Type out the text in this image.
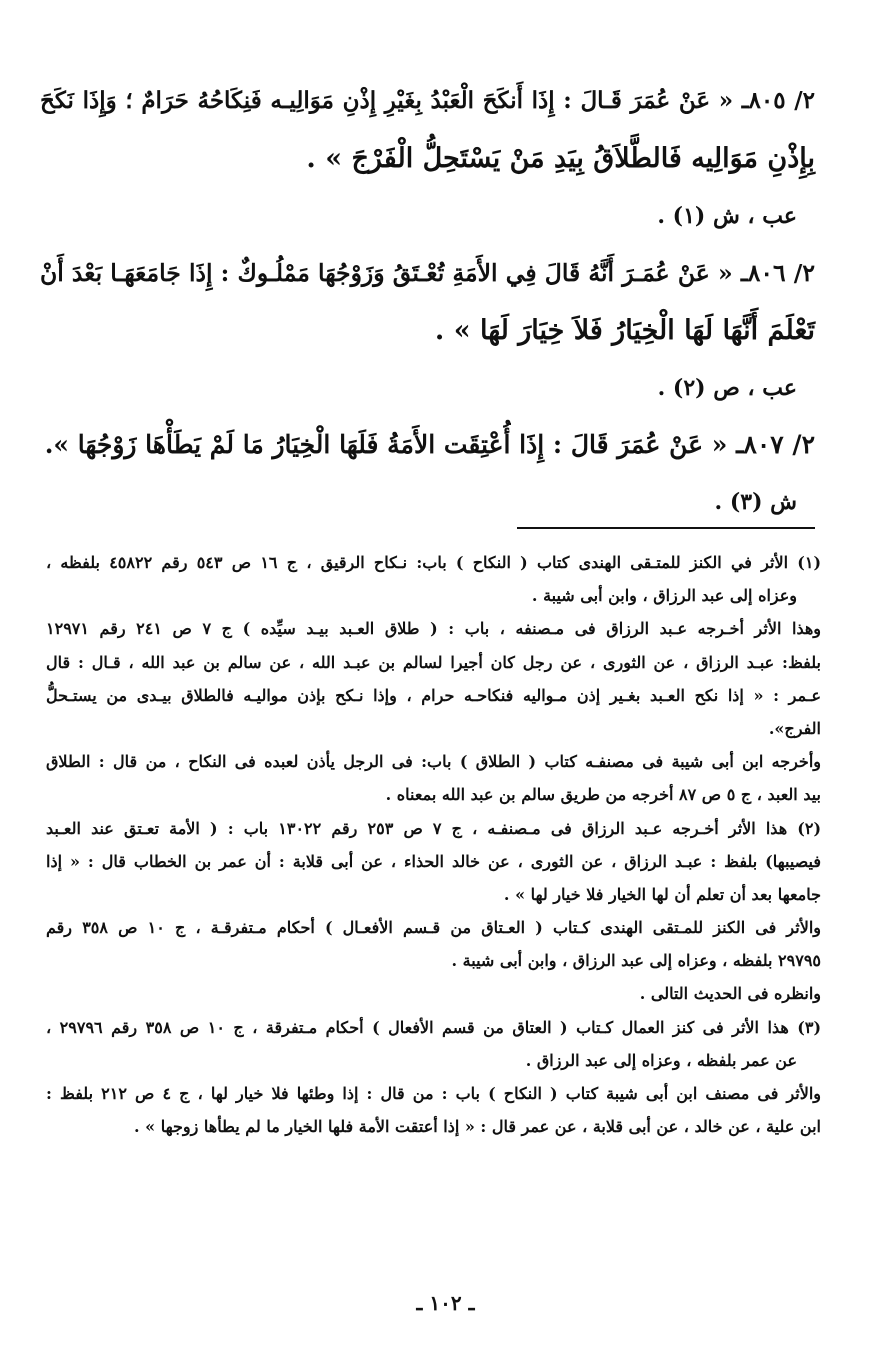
٢/ ٨٠٥ـ « عَنْ عُمَرَ قَـالَ : إِذَا أَنكَحَ الْعَبْدُ بِغَيْرِ إِذْنِ مَوَالِيـه فَنِكَاحُهُ حَرَامٌ ؛ وَإِذَا نَكَحَ
بِإِذْنِ مَوَالِيه فَالطَّلاَقُ بِيَدِ مَنْ يَسْتَحِلُّ الْفَرْجَ » .
عب ، ش (١) .
٢/ ٨٠٦ـ « عَنْ عُمَـرَ أَنَّهُ قَالَ فِي الأَمَةِ تُعْـتَقُ وَزَوْجُهَا مَمْلُـوكٌ : إِذَا جَامَعَهَـا بَعْدَ أَنْ
تَعْلَمَ أَنَّهَا لَهَا الْخِيَارُ فَلاَ خِيَارَ لَهَا » .
عب ، ص (٢) .
٢/ ٨٠٧ـ « عَنْ عُمَرَ قَالَ : إِذَا أُعْتِقَت الأَمَةُ فَلَهَا الْخِيَارُ مَا لَمْ يَطَأْهَا زَوْجُهَا ».
ش (٣) .
(١) الأثر في الكنز للمتـقى الهندى كتاب ( النكاح ) باب: نـكاح الرقيق ، ج ١٦ ص ٥٤٣ رقم ٤٥٨٢٢ بلفظه ،
وعزاه إلى عبد الرزاق ، وابن أبى شيبة .
وهذا الأثر أخـرجه عـبد الرزاق فى مـصنفه ، باب : ( طلاق العـبد بيـد سيِّده ) ج ٧ ص ٢٤١ رقم ١٢٩٧١
بلفظ: عبـد الرزاق ، عن الثورى ، عن رجل كان أجيرا لسالم بن عبـد الله ، عن سالم بن عبد الله ، قـال : قال
عـمر : « إذا نكح العـبد بغـير إذن مـواليه فنكاحـه حرام ، وإذا نـكح بإذن مواليـه فالطلاق بيـدى من يستـحلُّ
الفرج».
وأخرجه ابن أبى شيبة فى مصنفـه كتاب ( الطلاق ) باب: فى الرجل يأذن لعبده فى النكاح ، من قال : الطلاق
بيد العبد ، ج ٥ ص ٨٧ أخرجه من طريق سالم بن عبد الله بمعناه .
(٢) هذا الأثر أخـرجه عـبد الرزاق فى مـصنفـه ، ج ٧ ص ٢٥٣ رقم ١٣٠٢٢ باب : ( الأمة تعـتق عند العـبد
فيصيبها) بلفظ : عبـد الرزاق ، عن الثورى ، عن خالد الحذاء ، عن أبى قلابة : أن عمر بن الخطاب قال : « إذا
جامعها بعد أن تعلم أن لها الخيار فلا خيار لها » .
والأثر فى الكنز للمـتقى الهندى كـتاب ( العـتاق من قـسم الأفعـال ) أحكام مـتفرقـة ، ج ١٠ ص ٣٥٨ رقم
٢٩٧٩٥ بلفظه ، وعزاه إلى عبد الرزاق ، وابن أبى شيبة .
وانظره فى الحديث التالى .
(٣) هذا الأثر فى كنز العمال كـتاب ( العتاق من قسم الأفعال ) أحكام مـتفرقة ، ج ١٠ ص ٣٥٨ رقم ٢٩٧٩٦ ،
عن عمر بلفظه ، وعزاه إلى عبد الرزاق .
والأثر فى مصنف ابن أبى شيبة كتاب ( النكاح ) باب : من قال : إذا وطئها فلا خيار لها ، ج ٤ ص ٢١٢ بلفظ :
ابن علية ، عن خالد ، عن أبى قلابة ، عن عمر قال : « إذا أعتقت الأمة فلها الخيار ما لم يطأها زوجها » .
ـ ١٠٢ ـ
